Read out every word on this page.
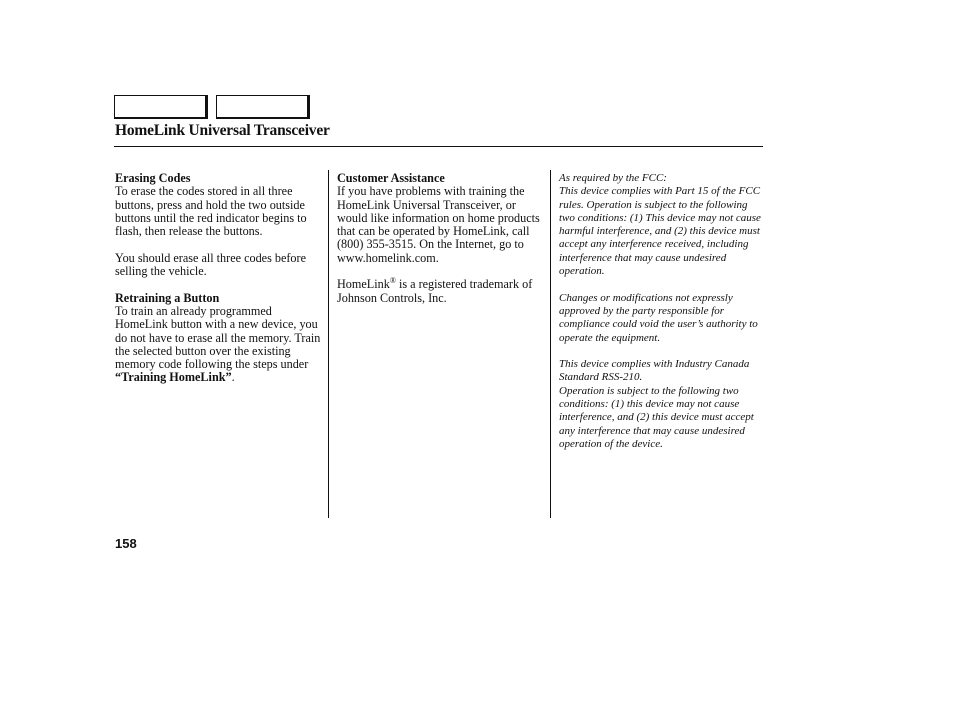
HomeLink Universal Transceiver
Erasing Codes

To erase the codes stored in all three buttons, press and hold the two outside buttons until the red indicator begins to flash, then release the buttons.

You should erase all three codes before selling the vehicle.

Retraining a Button

To train an already programmed HomeLink button with a new device, you do not have to erase all the memory. Train the selected button over the existing memory code following the steps under “Training HomeLink”.

Customer Assistance

If you have problems with training the HomeLink Universal Transceiver, or would like information on home products that can be operated by HomeLink, call (800) 355-3515. On the Internet, go to www.homelink.com.

HomeLink® is a registered trademark of Johnson Controls, Inc.

As required by the FCC:
This device complies with Part 15 of the FCC rules. Operation is subject to the following two conditions: (1) This device may not cause harmful interference, and (2) this device must accept any interference received, including interference that may cause undesired operation.

Changes or modifications not expressly approved by the party responsible for compliance could void the user’s authority to operate the equipment.

This device complies with Industry Canada Standard RSS-210.
Operation is subject to the following two conditions: (1) this device may not cause interference, and (2) this device must accept any interference that may cause undesired operation of the device.

158
